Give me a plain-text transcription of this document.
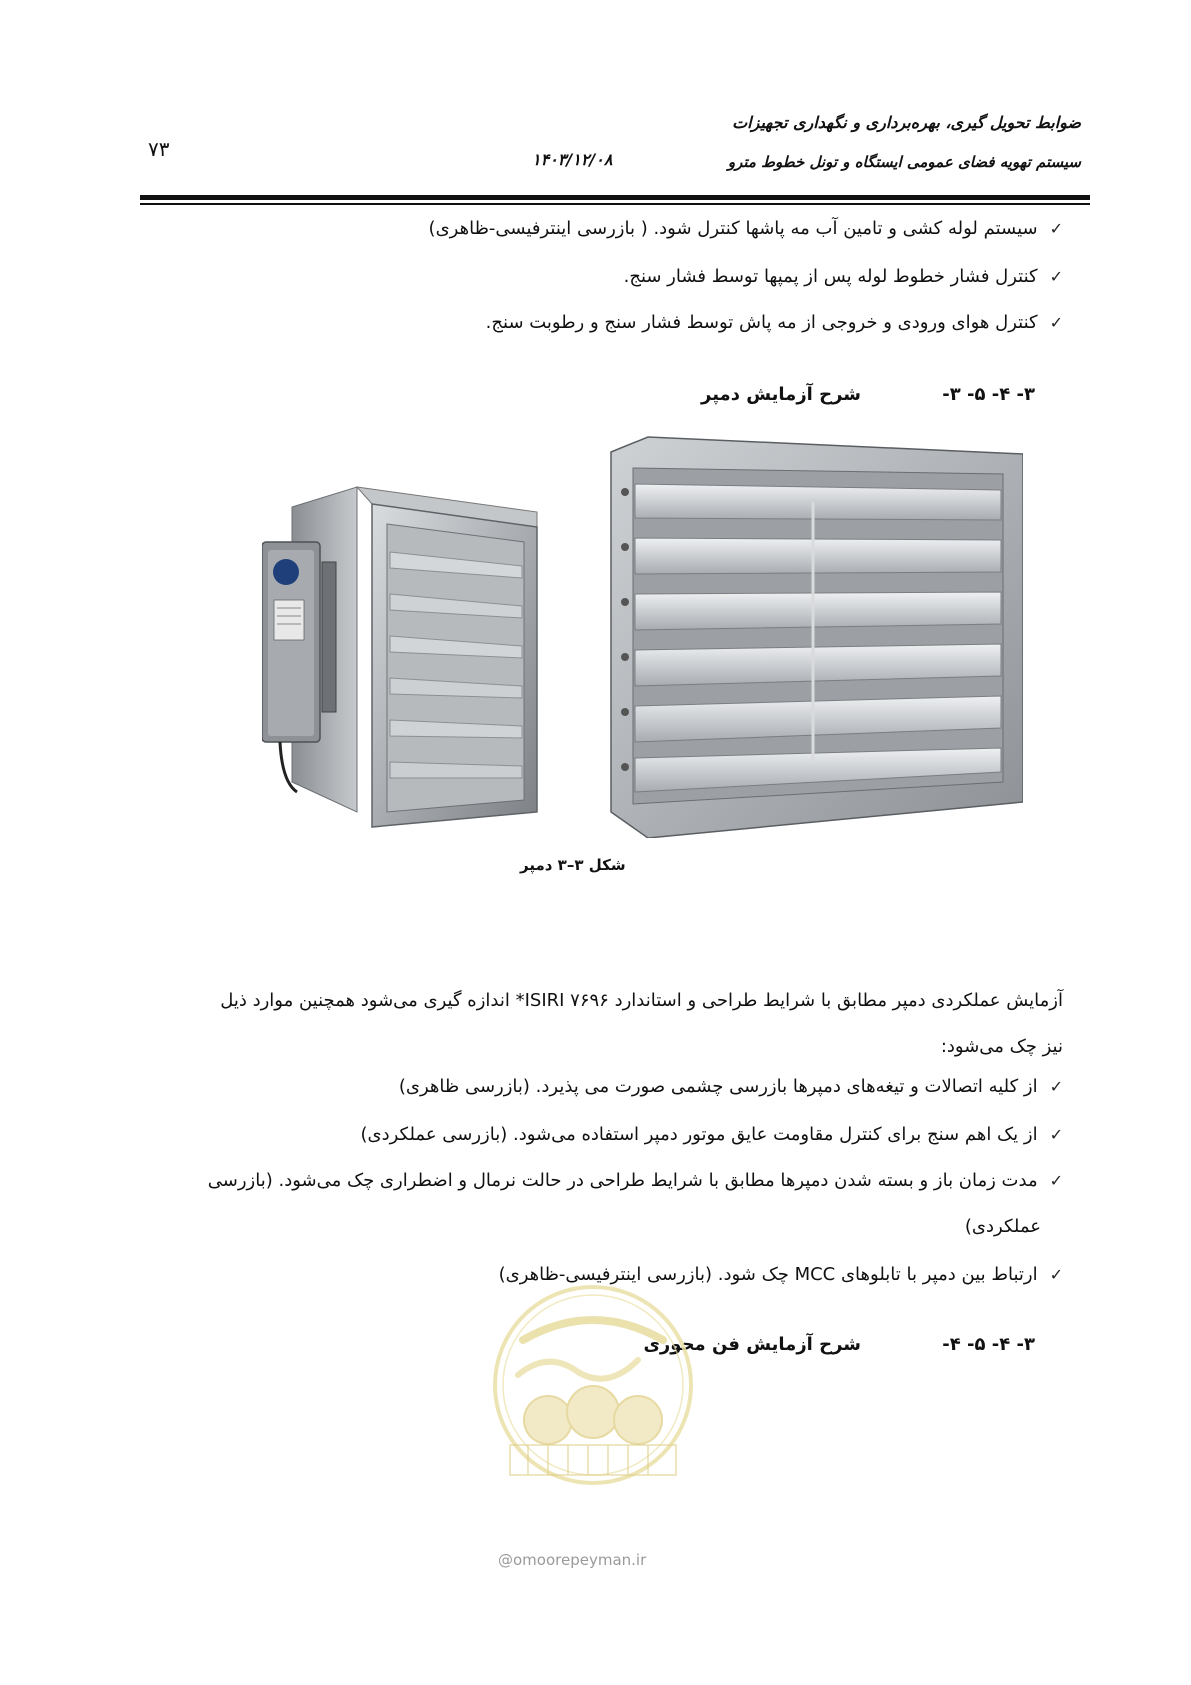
ضوابط تحویل گیری، بهره‌برداری و نگهداری تجهیزات
سیستم تهویه فضای عمومی ایستگاه و تونل خطوط مترو
۱۴۰۳/۱۲/۰۸
۷۳
✓
سیستم لوله کشی و تامین آب مه پاشها کنترل شود. ( بازرسی اینترفیسی-ظاهری)
✓
کنترل فشار خطوط لوله پس از پمپها توسط فشار سنج.
✓
کنترل هوای ورودی و خروجی از مه پاش توسط فشار سنج و رطوبت سنج.
۳- ۴- ۵- ۳-
شرح آزمایش دمپر
شکل ۳–۳ دمپر
آزمایش عملکردی دمپر مطابق با شرایط طراحی و استاندارد ISIRI ۷۶۹۶* اندازه گیری می‌شود همچنین موارد ذیل
نیز چک می‌شود:
✓
از کلیه اتصالات و تیغه‌های دمپرها بازرسی چشمی صورت می پذیرد. (بازرسی ظاهری)
✓
از یک اهم سنج برای کنترل مقاومت عایق موتور دمپر استفاده می‌شود. (بازرسی عملکردی)
✓
مدت زمان باز و بسته شدن دمپرها مطابق با شرایط طراحی در حالت نرمال و اضطراری چک می‌شود. (بازرسی
عملکردی)
✓
ارتباط بین دمپر با تابلوهای MCC چک شود. (بازرسی اینترفیسی-ظاهری)
۳- ۴- ۵- ۴-
شرح آزمایش فن محوری
@omoorepeyman.ir
